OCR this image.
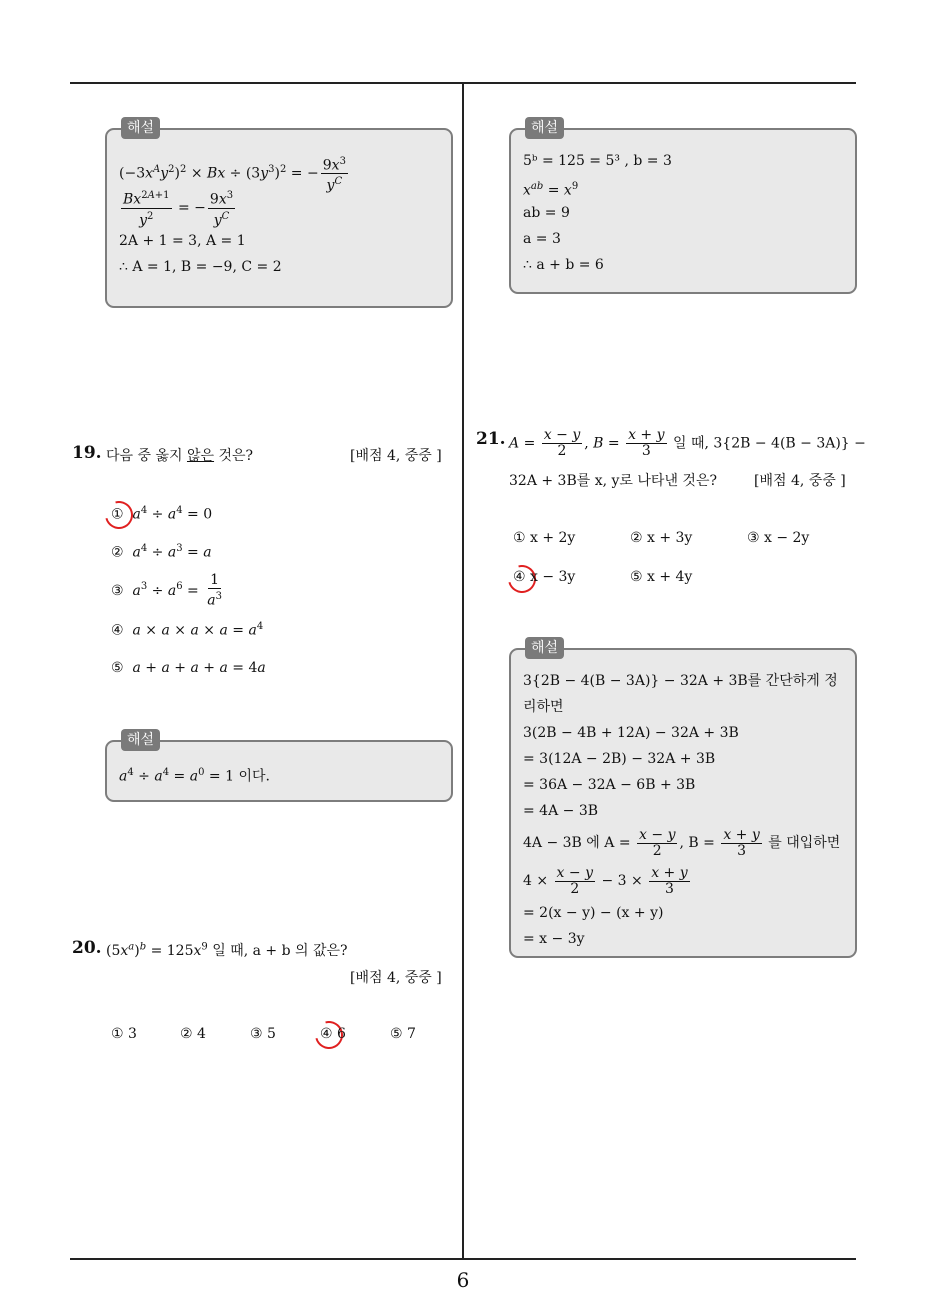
해설
$(-3x^Ay^2)^2 \times Bx \div (3y^3)^2$ = − $\frac{9x^3}{y^C}$
$\frac{Bx^{2A+1}}{y^2}$ = − $\frac{9x^3}{y^C}$
2A + 1 = 3, A = 1
∴ A = 1, B = −9, C = 2
19. 다음 중 옳지 않은 것은?	[배점 4, 중중 ]
① $a^4 \div a^4 = 0$
② $a^4 \div a^3 = a$
③ $a^3 \div a^6 = \frac{1}{a^3}$
④ $a \times a \times a \times a = a^4$
⑤ a + a + a + a = 4a
해설
$a^4 \div a^4 = a^0 = 1$ 이다.
20. $(5x^a)^b = 125x^9$ 일 때, a + b 의 값은?
[배점 4, 중중 ]
① 3	② 4	③ 5	④ 6	⑤ 7
해설
5ᵇ = 125 = 5³ , b = 3
$x^{ab} = x^9$
ab = 9
a = 3
∴ a + b = 6
21. $A = \frac{x - y}{2}$ , $B = \frac{x + y}{3}$ 일 때, 3{2B − 4(B − 3A)} −
32A + 3B를 x, y로 나타낸 것은?	[배점 4, 중중 ]
① x + 2y	② x + 3y	③ x − 2y
④ x − 3y	⑤ x + 4y
해설
3{2B − 4(B − 3A)} − 32A + 3B를 간단하게 정
리하면
3(2B − 4B + 12A) − 32A + 3B
= 3(12A − 2B) − 32A + 3B
= 36A − 32A − 6B + 3B
= 4A − 3B
4A − 3B 에 $A = \frac{x - y}{2}$ , $B = \frac{x + y}{3}$ 를 대입하면
$4 \times \frac{x - y}{2} - 3 \times \frac{x + y}{3}$
= 2(x − y) − (x + y)
= x − 3y
6
